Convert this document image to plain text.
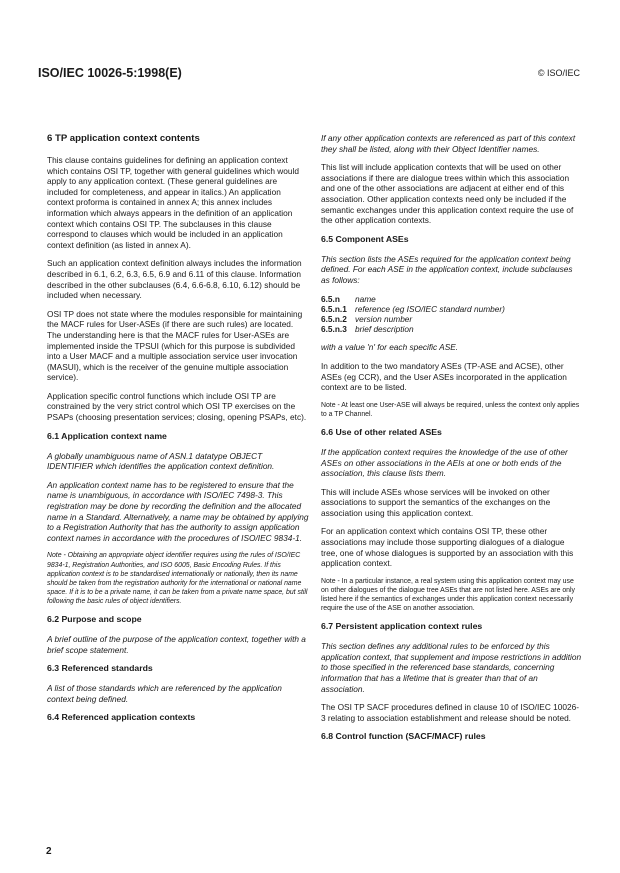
ISO/IEC 10026-5:1998(E)	© ISO/IEC
6 TP application context contents

This clause contains guidelines for defining an application context which contains OSI TP, together with general guidelines which would apply to any application context. (These general guidelines are included for completeness, and appear in italics.) An application context proforma is contained in annex A; this annex includes information which always appears in the definition of an application context which contains OSI TP. The subclauses in this clause correspond to clauses which would be included in an application context definition (as listed in annex A).

Such an application context definition always includes the information described in 6.1, 6.2, 6.3, 6.5, 6.9 and 6.11 of this clause. Information described in the other subclauses (6.4, 6.6-6.8, 6.10, 6.12) should be included when necessary.

OSI TP does not state where the modules responsible for maintaining the MACF rules for User-ASEs (if there are such rules) are located. The understanding here is that the MACF rules for User-ASEs are implemented inside the TPSUI (which for this purpose is subdivided into a User MACF and a multiple association service user invocation (MASUI), which is the receiver of the genuine multiple association service).

Application specific control functions which include OSI TP are constrained by the very strict control which OSI TP exercises on the PSAPs (choosing presentation services; closing, opening PSAPs, etc).

6.1 Application context name

A globally unambiguous name of ASN.1 datatype OBJECT IDENTIFIER which identifies the application context definition.

An application context name has to be registered to ensure that the name is unambiguous, in accordance with ISO/IEC 7498-3. This registration may be done by recording the definition and the allocated name in a Standard. Alternatively, a name may be obtained by applying to a Registration Authority that has the authority to assign application context names in accordance with the procedures of ISO/IEC 9834-1.

Note - Obtaining an appropriate object identifier requires using the rules of ISO/IEC 9834-1, Registration Authorities, and ISO 6005, Basic Encoding Rules. If this application context is to be standardised internationally or nationally, then its name should be taken from the registration authority for the international or national name space. If it is to be a private name, it can be taken from a private name space, but still following the basic rules of object identifiers.

6.2 Purpose and scope

A brief outline of the purpose of the application context, together with a brief scope statement.

6.3 Referenced standards

A list of those standards which are referenced by the application context being defined.

6.4 Referenced application contexts

If any other application contexts are referenced as part of this context they shall be listed, along with their Object Identifier names.

This list will include application contexts that will be used on other associations if there are dialogue trees within which this association and one of the other associations are adjacent at either end of this association. Other application contexts need only be included if the semantic exchanges under this application context require the use of the other application contexts.

6.5 Component ASEs

This section lists the ASEs required for the application context being defined. For each ASE in the application context, include subclauses as follows:

6.5.n	name
6.5.n.1 reference (eg ISO/IEC standard number)
6.5.n.2 version number
6.5.n.3 brief description

with a value 'n' for each specific ASE.

In addition to the two mandatory ASEs (TP-ASE and ACSE), other ASEs (eg CCR), and the User ASEs incorporated in the application context are to be listed.

Note - At least one User-ASE will always be required, unless the context only applies to a TP Channel.

6.6 Use of other related ASEs

If the application context requires the knowledge of the use of other ASEs on other associations in the AEIs at one or both ends of the association, this clause lists them.

This will include ASEs whose services will be invoked on other associations to support the semantics of the exchanges on the association using this application context.

For an application context which contains OSI TP, these other associations may include those supporting dialogues of a dialogue tree, one of whose dialogues is supported by an association with this application context.

Note - In a particular instance, a real system using this application context may use on other dialogues of the dialogue tree ASEs that are not listed here. ASEs are only listed here if the semantics of exchanges under this application context necessarily require the use of the ASE on another association.

6.7 Persistent application context rules

This section defines any additional rules to be enforced by this application context, that supplement and impose restrictions in addition to those specified in the referenced base standards, concerning information that has a lifetime that is greater than that of an association.

The OSI TP SACF procedures defined in clause 10 of ISO/IEC 10026-3 relating to association establishment and release should be noted.

6.8 Control function (SACF/MACF) rules
2
